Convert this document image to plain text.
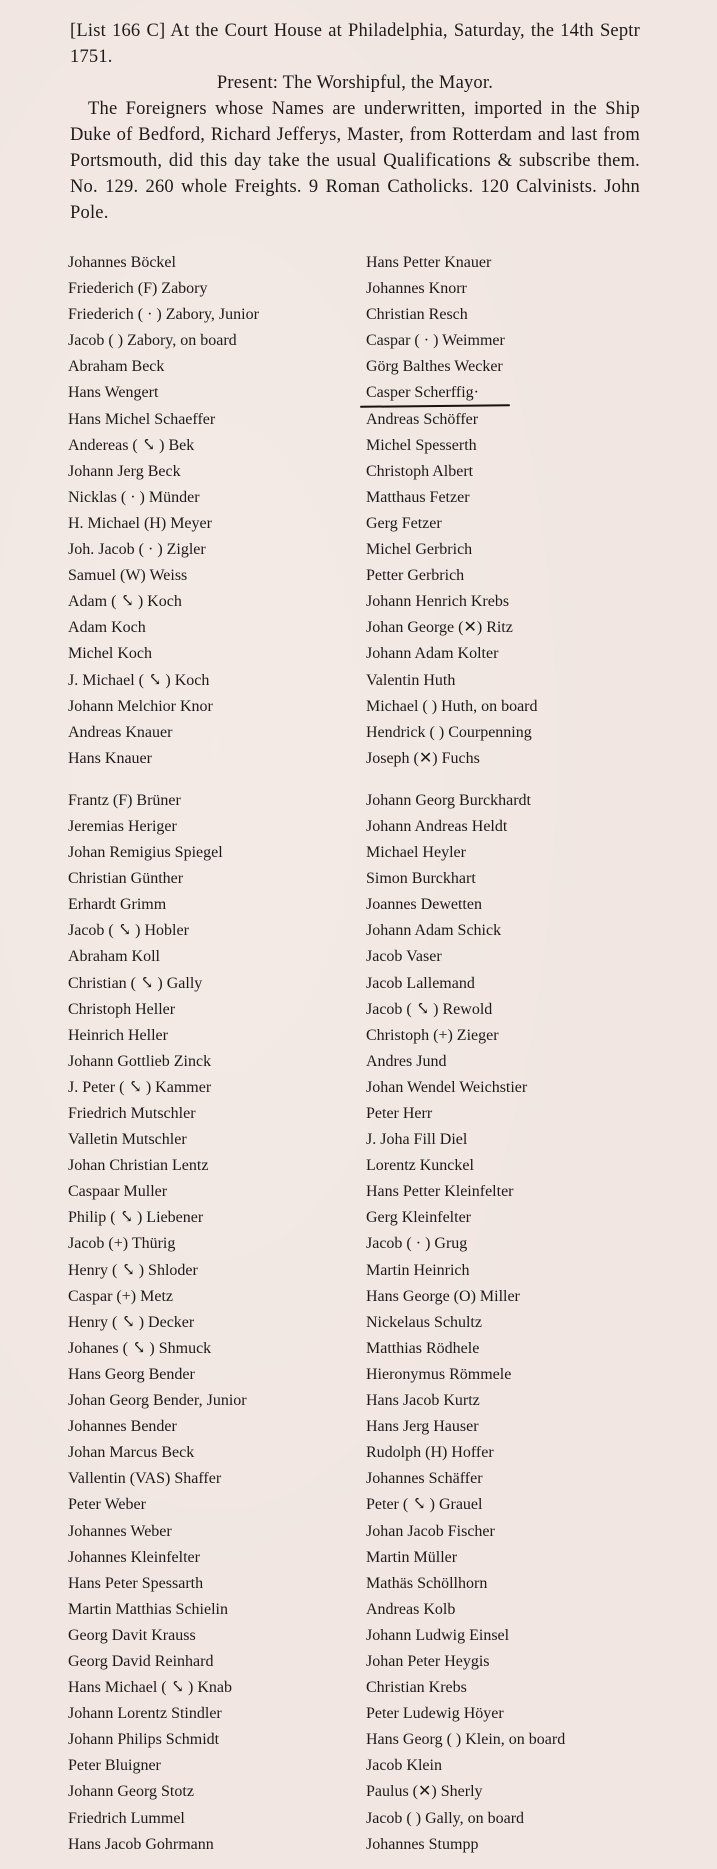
[List 166 C] At the Court House at Philadelphia, Saturday, the 14th Septr 1751.

Present: The Worshipful, the Mayor.

The Foreigners whose Names are underwritten, imported in the Ship Duke of Bedford, Richard Jefferys, Master, from Rotterdam and last from Portsmouth, did this day take the usual Qualifications & subscribe them. No. 129. 260 whole Freights. 9 Roman Catholicks. 120 Calvinists. John Pole.

Johannes Böckel
Friederich (F) Zabory
Friederich ( · ) Zabory, Junior
Jacob ( ) Zabory, on board
Abraham Beck
Hans Wengert
Hans Michel Schaeffer
Andereas ( ⤥ ) Bek
Johann Jerg Beck
Nicklas ( · ) Münder
H. Michael (H) Meyer
Joh. Jacob ( · ) Zigler
Samuel (W) Weiss
Adam ( ⤥ ) Koch
Adam Koch
Michel Koch
J. Michael ( ⤥ ) Koch
Johann Melchior Knor
Andreas Knauer
Hans Knauer
Frantz (F) Brüner
Jeremias Heriger
Johan Remigius Spiegel
Christian Günther
Erhardt Grimm
Jacob ( ⤥ ) Hobler
Abraham Koll
Christian ( ⤥ ) Gally
Christoph Heller
Heinrich Heller
Johann Gottlieb Zinck
J. Peter ( ⤥ ) Kammer
Friedrich Mutschler
Valletin Mutschler
Johan Christian Lentz
Caspaar Muller
Philip ( ⤥ ) Liebener
Jacob (+) Thürig
Henry ( ⤥ ) Shloder
Caspar (+) Metz
Henry ( ⤥ ) Decker
Johanes ( ⤥ ) Shmuck
Hans Georg Bender
Johan Georg Bender, Junior
Johannes Bender
Johan Marcus Beck
Vallentin (VAS) Shaffer
Peter Weber
Johannes Weber
Johannes Kleinfelter
Hans Peter Spessarth
Martin Matthias Schielin
Georg Davit Krauss
Georg David Reinhard
Hans Michael ( ⤥ ) Knab
Johann Lorentz Stindler
Johann Philips Schmidt
Peter Bluigner
Johann Georg Stotz
Friedrich Lummel
Hans Jacob Gohrmann
Hans Petter Knauer
Johannes Knorr
Christian Resch
Caspar ( · ) Weimmer
Görg Balthes Wecker
Casper Scherffig·
Andreas Schöffer
Michel Spesserth
Christoph Albert
Matthaus Fetzer
Gerg Fetzer
Michel Gerbrich
Petter Gerbrich
Johann Henrich Krebs
Johan George (✕) Ritz
Johann Adam Kolter
Valentin Huth
Michael ( ) Huth, on board
Hendrick ( ) Courpenning
Joseph (✕) Fuchs
Johann Georg Burckhardt
Johann Andreas Heldt
Michael Heyler
Simon Burckhart
Joannes Dewetten
Johann Adam Schick
Jacob Vaser
Jacob Lallemand
Jacob ( ⤥ ) Rewold
Christoph (+) Zieger
Andres Jund
Johan Wendel Weichstier
Peter Herr
J. Joha Fill Diel
Lorentz Kunckel
Hans Petter Kleinfelter
Gerg Kleinfelter
Jacob ( · ) Grug
Martin Heinrich
Hans George (O) Miller
Nickelaus Schultz
Matthias Rödhele
Hieronymus Römmele
Hans Jacob Kurtz
Hans Jerg Hauser
Rudolph (H) Hoffer
Johannes Schäffer
Peter ( ⤥ ) Grauel
Johan Jacob Fischer
Martin Müller
Mathäs Schöllhorn
Andreas Kolb
Johann Ludwig Einsel
Johan Peter Heygis
Christian Krebs
Peter Ludewig Höyer
Hans Georg ( ) Klein, on board
Jacob Klein
Paulus (✕) Sherly
Jacob ( ) Gally, on board
Johannes Stumpp
